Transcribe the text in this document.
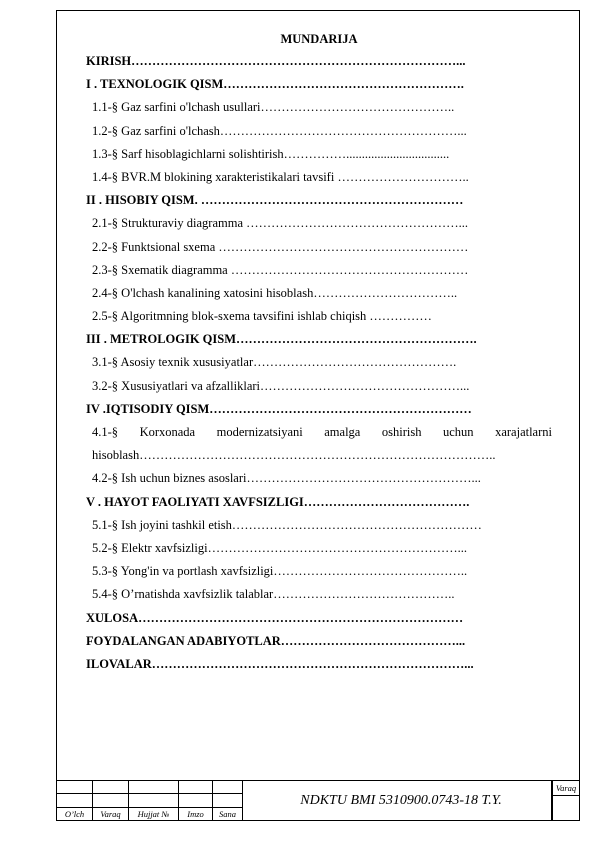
MUNDARIJA
KIRISH……………………………………………………………………...
I . TEXNOLOGIK QISM………………………………………………….
1.1-§ Gaz sarfini o'lchash usullari………………………………………..
1.2-§ Gaz sarfini o'lchash…………………………………………………...
1.3-§ Sarf hisoblagichlarni solishtirish…………….................................
1.4-§ BVR.M blokining xarakteristikalari tavsifi …………………………..
II . HISOBIY QISM. ………………………………………………………
2.1-§ Strukturaviy diagramma ……………………………………………...
2.2-§ Funktsional sxema ……………………………………………………
2.3-§ Sxematik diagramma …………………………………………………
2.4-§ O'lchash kanalining xatosini hisoblash……………………………..
2.5-§ Algoritmning blok-sxema tavsifini ishlab chiqish ……………
III . METROLOGIK QISM………………………………………………….
3.1-§ Asosiy texnik xususiyatlar………………………………………….
3.2-§ Xususiyatlari va afzalliklari…………………………………………...
IV .IQTISODIY QISM………………………………………………………
4.1-§ Korxonada modernizatsiyani amalga oshirish uchun xarajatlarni hisoblash…………………………………………………………………………..
4.2-§ Ish uchun biznes asoslari………………………………………………...
V . HAYOT FAOLIYATI XAVFSIZLIGI………………………………….
5.1-§ Ish joyini tashkil etish……………………………………………………
5.2-§ Elektr xavfsizligi……………………………………………………...
5.3-§ Yong'in va portlash xavfsizligi………………………………………..
5.4-§ O’rnatishda xavfsizlik talablar……………………………………..
XULOSA……………………………………………………………………
FOYDALANGAN ADABIYOTLAR……………………………………...
ILOVALAR…………………………………………………………………...

O’lch	Varaq	Hujjat №	Imzo	Sana
NDKTU BMI 5310900.0743-18 T.Y.
Varaq
